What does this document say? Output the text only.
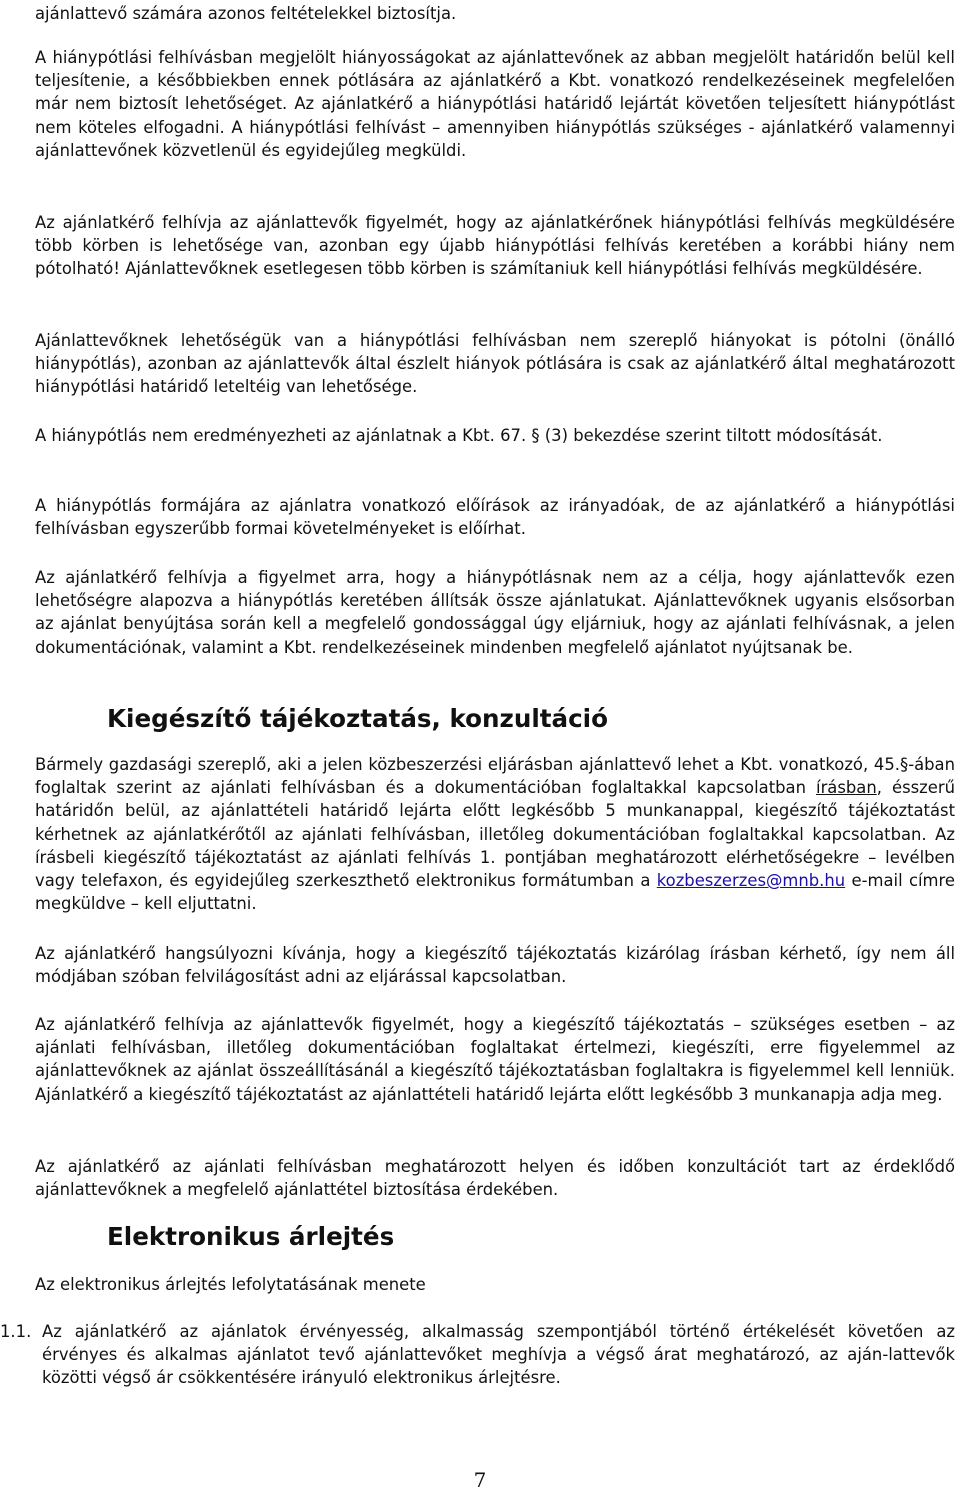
ajánlattevő számára azonos feltételekkel biztosítja.

A hiánypótlási felhívásban megjelölt hiányosságokat az ajánlattevőnek az abban megjelölt határidőn belül kell teljesítenie, a későbbiekben ennek pótlására az ajánlatkérő a Kbt. vonatkozó rendelkezéseinek megfelelően már nem biztosít lehetőséget. Az ajánlatkérő a hiánypótlási határidő lejártát követően teljesített hiánypótlást nem köteles elfogadni. A hiánypótlási felhívást – amennyiben hiánypótlás szükséges - ajánlatkérő valamennyi ajánlattevőnek közvetlenül és egyidejűleg megküldi.

Az ajánlatkérő felhívja az ajánlattevők figyelmét, hogy az ajánlatkérőnek hiánypótlási felhívás megküldésére több körben is lehetősége van, azonban egy újabb hiánypótlási felhívás keretében a korábbi hiány nem pótolható! Ajánlattevőknek esetlegesen több körben is számítaniuk kell hiánypótlási felhívás megküldésére.

Ajánlattevőknek lehetőségük van a hiánypótlási felhívásban nem szereplő hiányokat is pótolni (önálló hiánypótlás), azonban az ajánlattevők által észlelt hiányok pótlására is csak az ajánlatkérő által meghatározott hiánypótlási határidő leteltéig van lehetősége.

A hiánypótlás nem eredményezheti az ajánlatnak a Kbt. 67. § (3) bekezdése szerint tiltott módosítását.

A hiánypótlás formájára az ajánlatra vonatkozó előírások az irányadóak, de az ajánlatkérő a hiánypótlási felhívásban egyszerűbb formai követelményeket is előírhat.

Az ajánlatkérő felhívja a figyelmet arra, hogy a hiánypótlásnak nem az a célja, hogy ajánlattevők ezen lehetőségre alapozva a hiánypótlás keretében állítsák össze ajánlatukat. Ajánlattevőknek ugyanis elsősorban az ajánlat benyújtása során kell a megfelelő gondossággal úgy eljárniuk, hogy az ajánlati felhívásnak, a jelen dokumentációnak, valamint a Kbt. rendelkezéseinek mindenben megfelelő ajánlatot nyújtsanak be.

Kiegészítő tájékoztatás, konzultáció

Bármely gazdasági szereplő, aki a jelen közbeszerzési eljárásban ajánlattevő lehet a Kbt. vonatkozó, 45.§-ában foglaltak szerint az ajánlati felhívásban és a dokumentációban foglaltakkal kapcsolatban írásban, ésszerű határidőn belül, az ajánlattételi határidő lejárta előtt legkésőbb 5 munkanappal, kiegészítő tájékoztatást kérhetnek az ajánlatkérőtől az ajánlati felhívásban, illetőleg dokumentációban foglaltakkal kapcsolatban. Az írásbeli kiegészítő tájékoztatást az ajánlati felhívás 1. pontjában meghatározott elérhetőségekre – levélben vagy telefaxon, és egyidejűleg szerkeszthető elektronikus formátumban a kozbeszerzes@mnb.hu e-mail címre megküldve – kell eljuttatni.

Az ajánlatkérő hangsúlyozni kívánja, hogy a kiegészítő tájékoztatás kizárólag írásban kérhető, így nem áll módjában szóban felvilágosítást adni az eljárással kapcsolatban.

Az ajánlatkérő felhívja az ajánlattevők figyelmét, hogy a kiegészítő tájékoztatás – szükséges esetben – az ajánlati felhívásban, illetőleg dokumentációban foglaltakat értelmezi, kiegészíti, erre figyelemmel az ajánlattevőknek az ajánlat összeállításánál a kiegészítő tájékoztatásban foglaltakra is figyelemmel kell lenniük. Ajánlatkérő a kiegészítő tájékoztatást az ajánlattételi határidő lejárta előtt legkésőbb 3 munkanapja adja meg.

Az ajánlatkérő az ajánlati felhívásban meghatározott helyen és időben konzultációt tart az érdeklődő ajánlattevőknek a megfelelő ajánlattétel biztosítása érdekében.

Elektronikus árlejtés

Az elektronikus árlejtés lefolytatásának menete

1.1. Az ajánlatkérő az ajánlatok érvényesség, alkalmasság szempontjából történő értékelését követően az érvényes és alkalmas ajánlatot tevő ajánlattevőket meghívja a végső árat meghatározó, az aján-lattevők közötti végső ár csökkentésére irányuló elektronikus árlejtésre.
7
